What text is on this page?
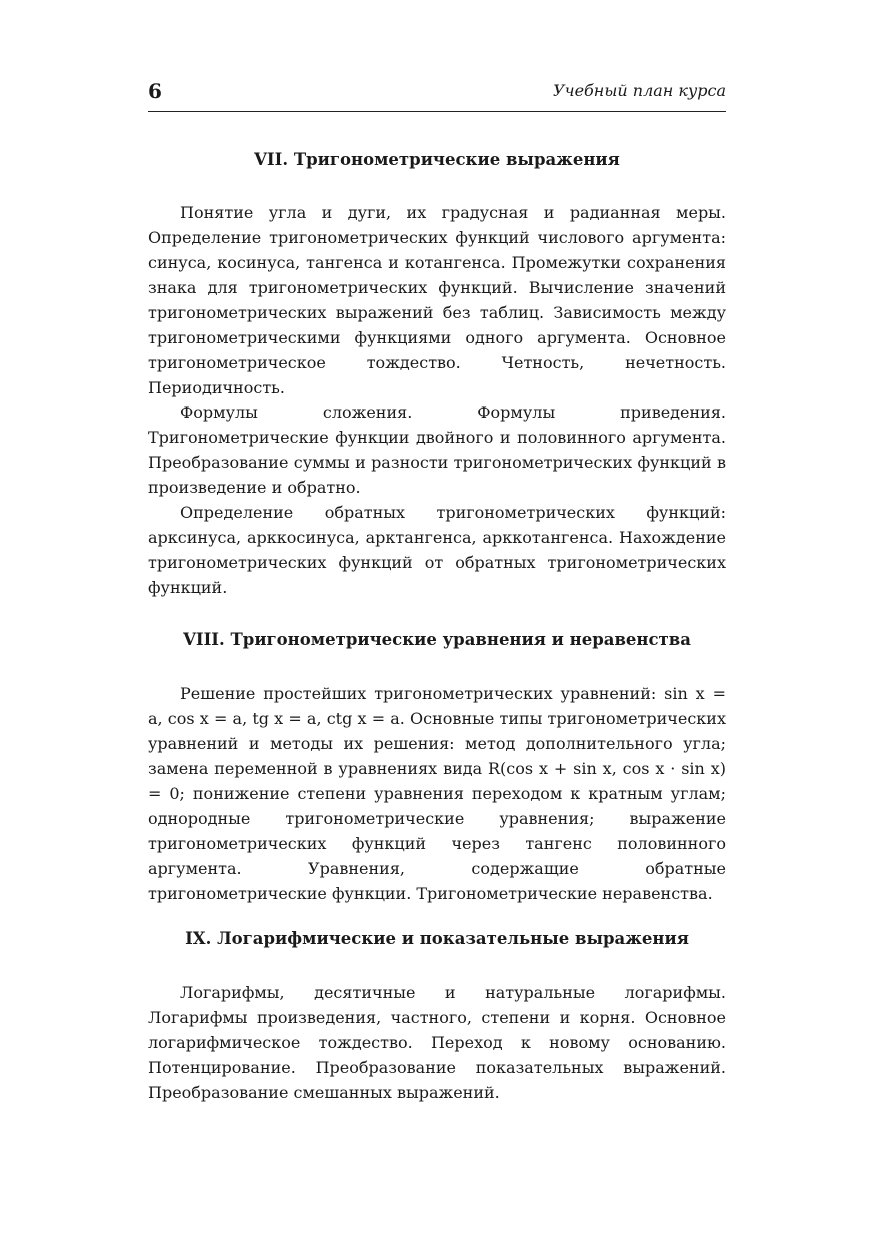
6	Учебный план курса
VII. Тригонометрические выражения

Понятие угла и дуги, их градусная и радианная меры. Определение тригонометрических функций числового аргумента: синуса, косинуса, тангенса и котангенса. Промежутки сохранения знака для тригонометрических функций. Вычисление значений тригонометрических выражений без таблиц. Зависимость между тригонометрическими функциями одного аргумента. Основное тригонометрическое тождество. Четность, нечетность. Периодичность.

Формулы сложения. Формулы приведения. Тригонометрические функции двойного и половинного аргумента. Преобразование суммы и разности тригонометрических функций в произведение и обратно.

Определение обратных тригонометрических функций: арксинуса, арккосинуса, арктангенса, арккотангенса. Нахождение тригонометрических функций от обратных тригонометрических функций.

VIII. Тригонометрические уравнения и неравенства

Решение простейших тригонометрических уравнений: sin x = a, cos x = a, tg x = a, ctg x = a. Основные типы тригонометрических уравнений и методы их решения: метод дополнительного угла; замена переменной в уравнениях вида R(cos x + sin x, cos x · sin x) = 0; понижение степени уравнения переходом к кратным углам; однородные тригонометрические уравнения; выражение тригонометрических функций через тангенс половинного аргумента. Уравнения, содержащие обратные тригонометрические функции. Тригонометрические неравенства.

IX. Логарифмические и показательные выражения

Логарифмы, десятичные и натуральные логарифмы. Логарифмы произведения, частного, степени и корня. Основное логарифмическое тождество. Переход к новому основанию. Потенцирование. Преобразование показательных выражений. Преобразование смешанных выражений.
